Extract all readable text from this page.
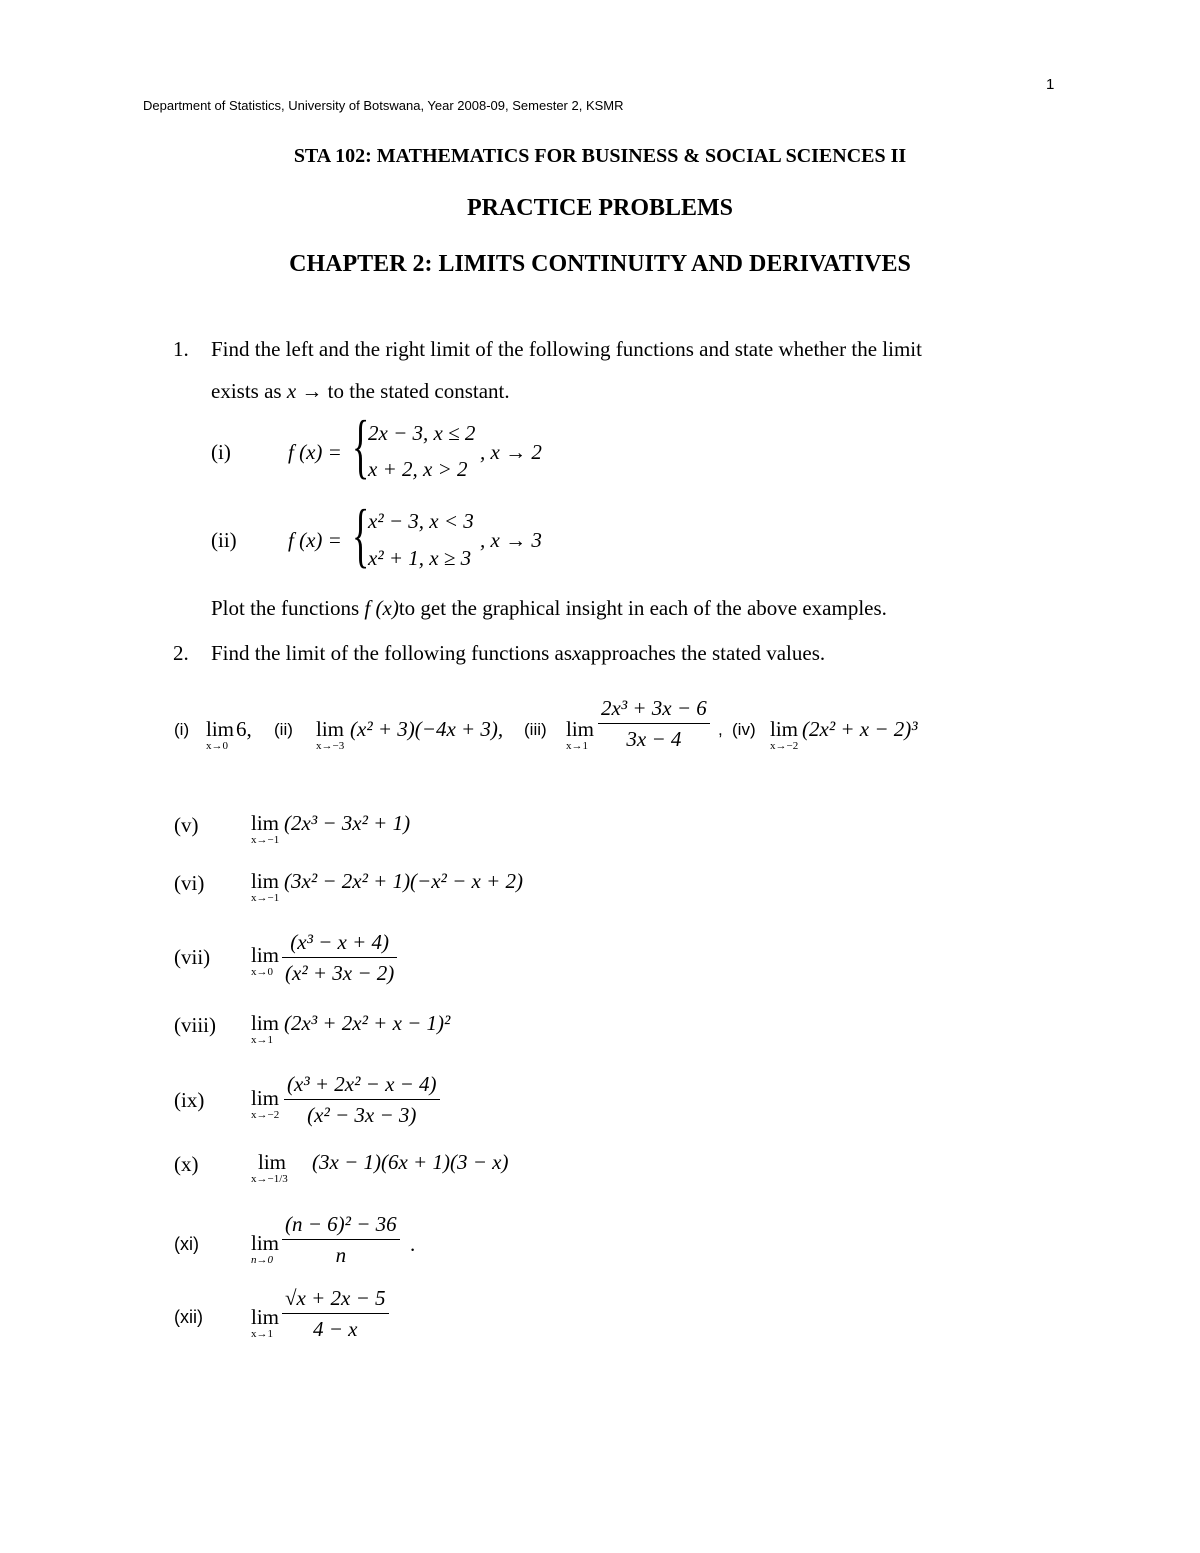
1
Department of Statistics, University of Botswana, Year 2008-09, Semester 2, KSMR
STA 102: MATHEMATICS FOR BUSINESS & SOCIAL SCIENCES II
PRACTICE PROBLEMS
CHAPTER 2: LIMITS CONTINUITY AND DERIVATIVES
1. Find the left and the right limit of the following functions and state whether the limit
exists as x → to the stated constant.
(i)	f (x) = {
2x − 3, x ≤ 2
x + 2, x > 2
, x → 2
(ii) f (x) = {
x² − 3, x < 3
x² + 1, x ≥ 3
, x → 3
Plot the functions f (x)to get the graphical insight in each of the above examples.
2. Find the limit of the following functions asxapproaches the stated values.
(i) lim
x→0
6, (ii) lim
x→−3
(x² + 3)(−4x + 3), (iii) lim
$x\to 1 \frac{\text{2x³ + 3x − 6}}{3x - 4}$ , (iv) lim
x→−2
(2x² + x − 2)³
(v)	lim
x→−1
(2x³ − 3x² + 1)
(vi) lim
x→−1
(3x² − 2x² + 1)(−x² − x + 2)
(vii) lim
$x\to 0 \frac{\text{(x³ − x + 4)}}{\text{(x² + 3x − 2)}}$
(viii) lim
x→1
(2x³ + 2x² + x − 1)²
(ix) lim
$x\to-2 \frac{\text{(x³ + 2x² − x − 4)}}{\text{(x² − 3x − 3)}}$
(x)	lim
x→−1/3
(3x − 1)(6x + 1)(3 − x)
(xi) lim
$n\to 0 \frac{\text{(n − 6)² − 36}}{n}$ .
(xii) lim
$x\to 1 \frac{√x + 2x - 5}{4 - x}$
